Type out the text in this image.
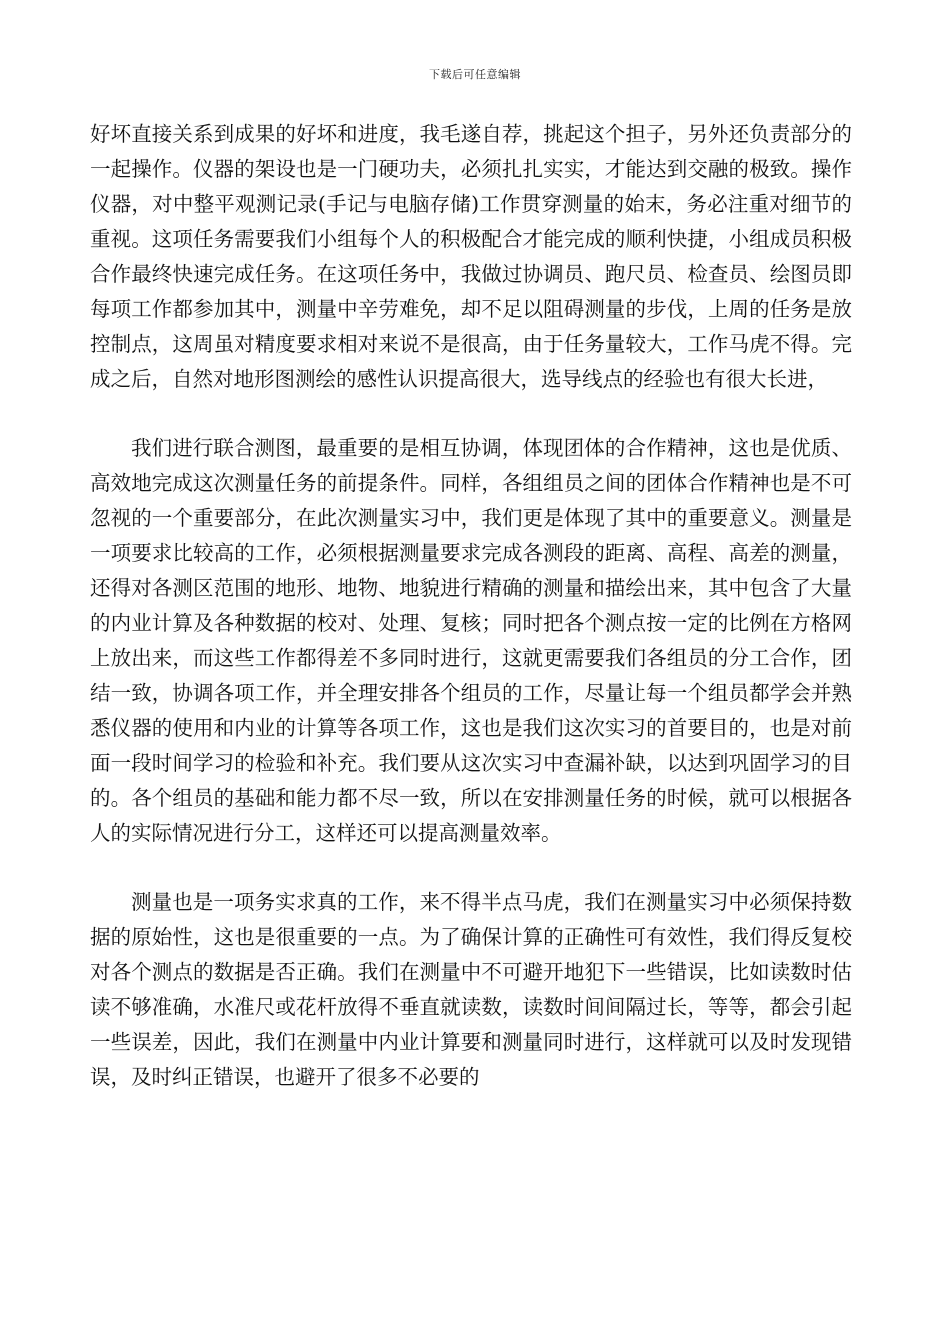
下载后可任意编辑

好坏直接关系到成果的好坏和进度，我毛遂自荐，挑起这个担子，另外还负责部分的一起操作。仪器的架设也是一门硬功夫，必须扎扎实实，才能达到交融的极致。操作仪器，对中整平观测记录(手记与电脑存储)工作贯穿测量的始末，务必注重对细节的重视。这项任务需要我们小组每个人的积极配合才能完成的顺利快捷，小组成员积极合作最终快速完成任务。在这项任务中，我做过协调员、跑尺员、检查员、绘图员即每项工作都参加其中，测量中辛劳难免，却不足以阻碍测量的步伐，上周的任务是放控制点，这周虽对精度要求相对来说不是很高，由于任务量较大，工作马虎不得。完成之后，自然对地形图测绘的感性认识提高很大，选导线点的经验也有很大长进，

我们进行联合测图，最重要的是相互协调，体现团体的合作精神，这也是优质、高效地完成这次测量任务的前提条件。同样，各组组员之间的团体合作精神也是不可忽视的一个重要部分，在此次测量实习中，我们更是体现了其中的重要意义。测量是一项要求比较高的工作，必须根据测量要求完成各测段的距离、高程、高差的测量，还得对各测区范围的地形、地物、地貌进行精确的测量和描绘出来，其中包含了大量的内业计算及各种数据的校对、处理、复核；同时把各个测点按一定的比例在方格网上放出来，而这些工作都得差不多同时进行，这就更需要我们各组员的分工合作，团结一致，协调各项工作，并全理安排各个组员的工作，尽量让每一个组员都学会并熟悉仪器的使用和内业的计算等各项工作，这也是我们这次实习的首要目的，也是对前面一段时间学习的检验和补充。我们要从这次实习中查漏补缺，以达到巩固学习的目的。各个组员的基础和能力都不尽一致，所以在安排测量任务的时候，就可以根据各人的实际情况进行分工，这样还可以提高测量效率。

测量也是一项务实求真的工作，来不得半点马虎，我们在测量实习中必须保持数据的原始性，这也是很重要的一点。为了确保计算的正确性可有效性，我们得反复校对各个测点的数据是否正确。我们在测量中不可避开地犯下一些错误，比如读数时估读不够准确，水准尺或花杆放得不垂直就读数，读数时间间隔过长，等等，都会引起一些误差，因此，我们在测量中内业计算要和测量同时进行，这样就可以及时发现错误，及时纠正错误，也避开了很多不必要的
